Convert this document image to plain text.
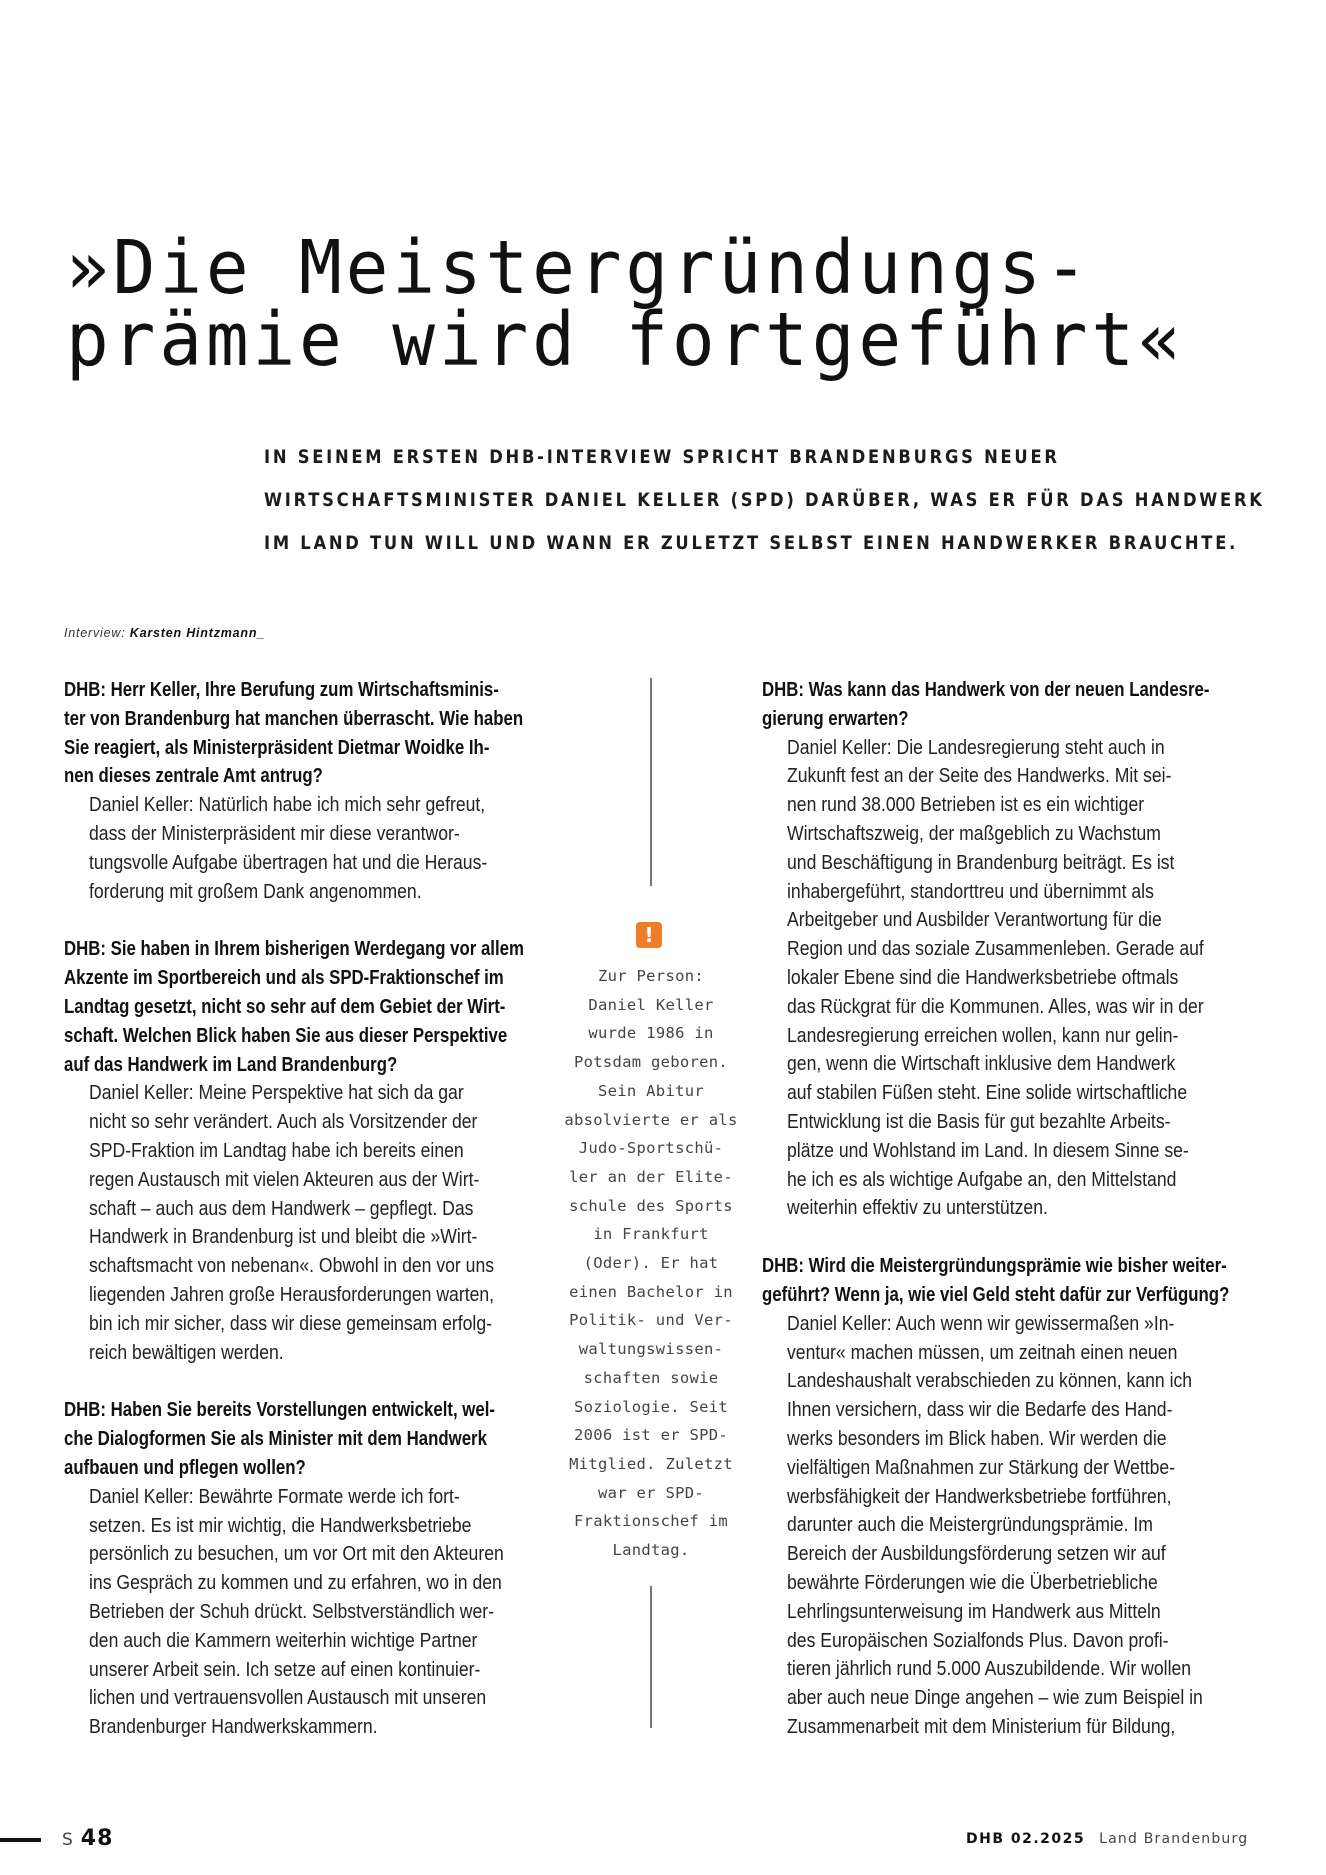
»Die Meistergründungs-
prämie wird fortgeführt«
IN SEINEM ERSTEN DHB-INTERVIEW SPRICHT BRANDENBURGS NEUER
WIRTSCHAFTSMINISTER DANIEL KELLER (SPD) DARÜBER, WAS ER FÜR DAS HANDWERK
IM LAND TUN WILL UND WANN ER ZULETZT SELBST EINEN HANDWERKER BRAUCHTE.
Interview: Karsten Hintzmann_

DHB: Herr Keller, Ihre Berufung zum Wirtschaftsminis-
ter von Brandenburg hat manchen überrascht. Wie haben
Sie reagiert, als Ministerpräsident Dietmar Woidke Ih-
nen dieses zentrale Amt antrug?

Daniel Keller: Natürlich habe ich mich sehr gefreut,
dass der Ministerpräsident mir diese verantwor-
tungsvolle Aufgabe übertragen hat und die Heraus-
forderung mit großem Dank angenommen.

DHB: Sie haben in Ihrem bisherigen Werdegang vor allem
Akzente im Sportbereich und als SPD-Fraktionschef im
Landtag gesetzt, nicht so sehr auf dem Gebiet der Wirt-
schaft. Welchen Blick haben Sie aus dieser Perspektive
auf das Handwerk im Land Brandenburg?

Daniel Keller: Meine Perspektive hat sich da gar
nicht so sehr verändert. Auch als Vorsitzender der
SPD-Fraktion im Landtag habe ich bereits einen
regen Austausch mit vielen Akteuren aus der Wirt-
schaft – auch aus dem Handwerk – gepflegt. Das
Handwerk in Brandenburg ist und bleibt die »Wirt-
schaftsmacht von nebenan«. Obwohl in den vor uns
liegenden Jahren große Herausforderungen warten,
bin ich mir sicher, dass wir diese gemeinsam erfolg-
reich bewältigen werden.

DHB: Haben Sie bereits Vorstellungen entwickelt, wel-
che Dialogformen Sie als Minister mit dem Handwerk
aufbauen und pflegen wollen?

Daniel Keller: Bewährte Formate werde ich fort-
setzen. Es ist mir wichtig, die Handwerksbetriebe
persönlich zu besuchen, um vor Ort mit den Akteuren
ins Gespräch zu kommen und zu erfahren, wo in den
Betrieben der Schuh drückt. Selbstverständlich wer-
den auch die Kammern weiterhin wichtige Partner
unserer Arbeit sein. Ich setze auf einen kontinuier-
lichen und vertrauensvollen Austausch mit unseren
Brandenburger Handwerkskammern.

!
Zur Person:
Daniel Keller
wurde 1986 in
Potsdam geboren.
Sein Abitur
absolvierte er als
Judo-Sportschü-
ler an der Elite-
schule des Sports
in Frankfurt
(Oder). Er hat
einen Bachelor in
Politik- und Ver-
waltungswissen-
schaften sowie
Soziologie. Seit
2006 ist er SPD-
Mitglied. Zuletzt
war er SPD-
Fraktionschef im
Landtag.

DHB: Was kann das Handwerk von der neuen Landesre-
gierung erwarten?

Daniel Keller: Die Landesregierung steht auch in
Zukunft fest an der Seite des Handwerks. Mit sei-
nen rund 38.000 Betrieben ist es ein wichtiger
Wirtschaftszweig, der maßgeblich zu Wachstum
und Beschäftigung in Brandenburg beiträgt. Es ist
inhabergeführt, standorttreu und übernimmt als
Arbeitgeber und Ausbilder Verantwortung für die
Region und das soziale Zusammenleben. Gerade auf
lokaler Ebene sind die Handwerksbetriebe oftmals
das Rückgrat für die Kommunen. Alles, was wir in der
Landesregierung erreichen wollen, kann nur gelin-
gen, wenn die Wirtschaft inklusive dem Handwerk
auf stabilen Füßen steht. Eine solide wirtschaftliche
Entwicklung ist die Basis für gut bezahlte Arbeits-
plätze und Wohlstand im Land. In diesem Sinne se-
he ich es als wichtige Aufgabe an, den Mittelstand
weiterhin effektiv zu unterstützen.

DHB: Wird die Meistergründungsprämie wie bisher weiter-
geführt? Wenn ja, wie viel Geld steht dafür zur Verfügung?

Daniel Keller: Auch wenn wir gewissermaßen »In-
ventur« machen müssen, um zeitnah einen neuen
Landeshaushalt verabschieden zu können, kann ich
Ihnen versichern, dass wir die Bedarfe des Hand-
werks besonders im Blick haben. Wir werden die
vielfältigen Maßnahmen zur Stärkung der Wettbe-
werbsfähigkeit der Handwerksbetriebe fortführen,
darunter auch die Meistergründungsprämie. Im
Bereich der Ausbildungsförderung setzen wir auf
bewährte Förderungen wie die Überbetriebliche
Lehrlingsunterweisung im Handwerk aus Mitteln
des Europäischen Sozialfonds Plus. Davon profi-
tieren jährlich rund 5.000 Auszubildende. Wir wollen
aber auch neue Dinge angehen – wie zum Beispiel in
Zusammenarbeit mit dem Ministerium für Bildung,

S 48	DHB 02.2025 Land Brandenburg
